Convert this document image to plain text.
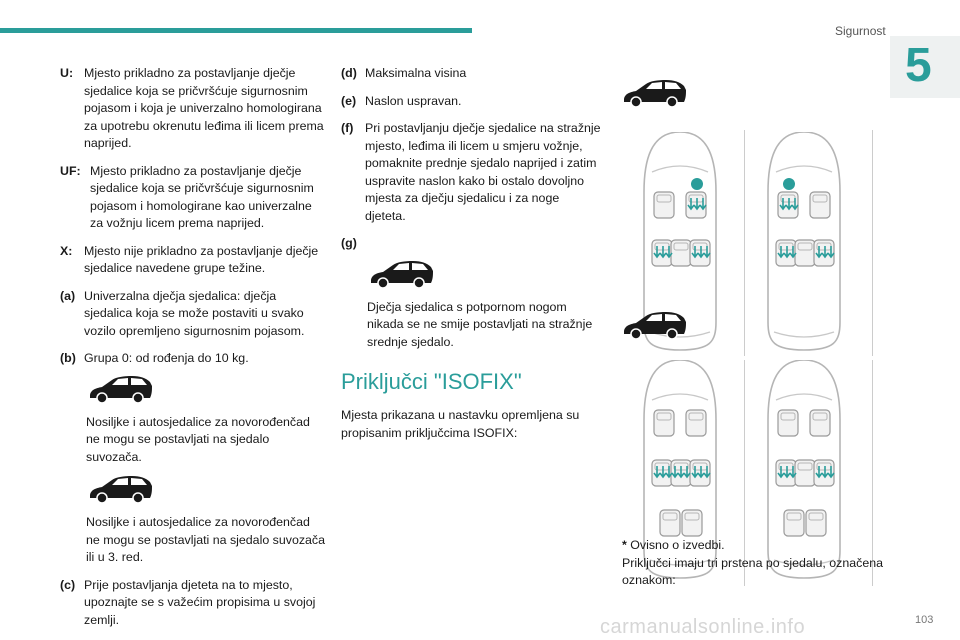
Sigurnost
5
carmanualsonline.info	103
U: Mjesto prikladno za postavljanje dječje sjedalice koja se pričvršćuje sigurnosnim pojasom i koja je univerzalno homologirana za upotrebu okrenutu leđima ili licem prema naprijed.
UF: Mjesto prikladno za postavljanje dječje sjedalice koja se pričvršćuje sigurnosnim pojasom i homologirane kao univerzalne za vožnju licem prema naprijed.
X: Mjesto nije prikladno za postavljanje dječje sjedalice navedene grupe težine.
(a) Univerzalna dječja sjedalica: dječja sjedalica koja se može postaviti u svako vozilo opremljeno sigurnosnim pojasom.
(b) Grupa 0: od rođenja do 10 kg.
Nosiljke i autosjedalice za novorođenčad ne mogu se postavljati na sjedalo suvozača.
Nosiljke i autosjedalice za novorođenčad ne mogu se postavljati na sjedalo suvozača ili u 3. red.
(c) Prije postavljanja djeteta na to mjesto, upoznajte se s važećim propisima u svojoj zemlji.
(d) Maksimalna visina
(e) Naslon uspravan.
(f) Pri postavljanju dječje sjedalice na stražnje mjesto, leđima ili licem u smjeru vožnje, pomaknite prednje sjedalo naprijed i zatim uspravite naslon kako bi ostalo dovoljno mjesta za dječju sjedalicu i za noge djeteta.
(g)
Dječja sjedalica s potpornom nogom nikada se ne smije postavljati na stražnje srednje sjedalo.
Priključci "ISOFIX"
Mjesta prikazana u nastavku opremljena su propisanim priključcima ISOFIX:
* Ovisno o izvedbi.
Priključci imaju tri prstena po sjedalu, označena oznakom:
